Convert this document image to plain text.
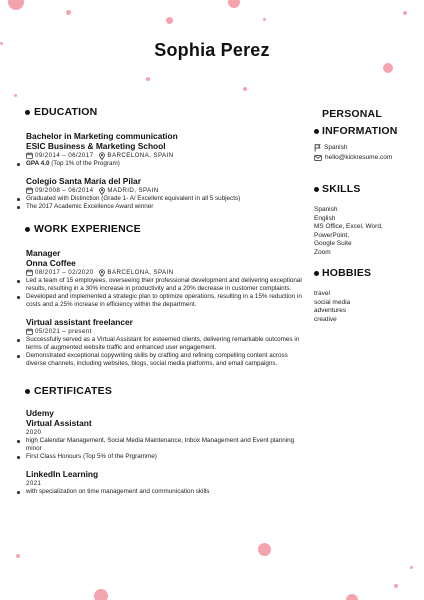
Sophia Perez
EDUCATION
Bachelor in Marketing communication
ESIC Business & Marketing School
09/2014 – 06/2017 BARCELONA, SPAIN
GPA 4.0 (Top 1% of the Program)
Colegio Santa María del Pilar
09/2008 – 06/2014 MADRID, SPAIN
Graduated with Distinction (Grade 1- A/ Excellent equivalent in all 5 subjects)
The 2017 Academic Excellence Award winner
WORK EXPERIENCE
Manager
Onna Coffee
08/2017 – 02/2020 BARCELONA, SPAIN
Led a team of 15 employees, overseeing their professional development and delivering exceptional results, resulting in a 30% increase in productivity and a 20% decrease in customer complaints.
Developed and implemented a strategic plan to optimize operations, resulting in a 15% reduction in costs and a 25% increase in efficiency within the department.
Virtual assistant freelancer
05/2021 – present
Successfully served as a Virtual Assistant for esteemed clients, delivering remarkable outcomes in terms of augmented website traffic and enhanced user engagement.
Demonstrated exceptional copywriting skills by crafting and refining compelling content across diverse channels, including websites, blogs, social media platforms, and email campaigns.
CERTIFICATES
Udemy
Virtual Assistant
2020
high Calendar Management, Social Media Maintenance, Inbox Management and Event planning minor
First Class Honours (Top 5% of the Prgramme)
LinkedIn Learning
2021
with specialization on time management and communication skills
PERSONAL
INFORMATION
Spanish
hello@kickresume.com
SKILLS
Spanish
English
MS Office, Excel, Word,
PowerPoint,
Google Suite
Zoom
HOBBIES
travel
social media
adventures
creative
